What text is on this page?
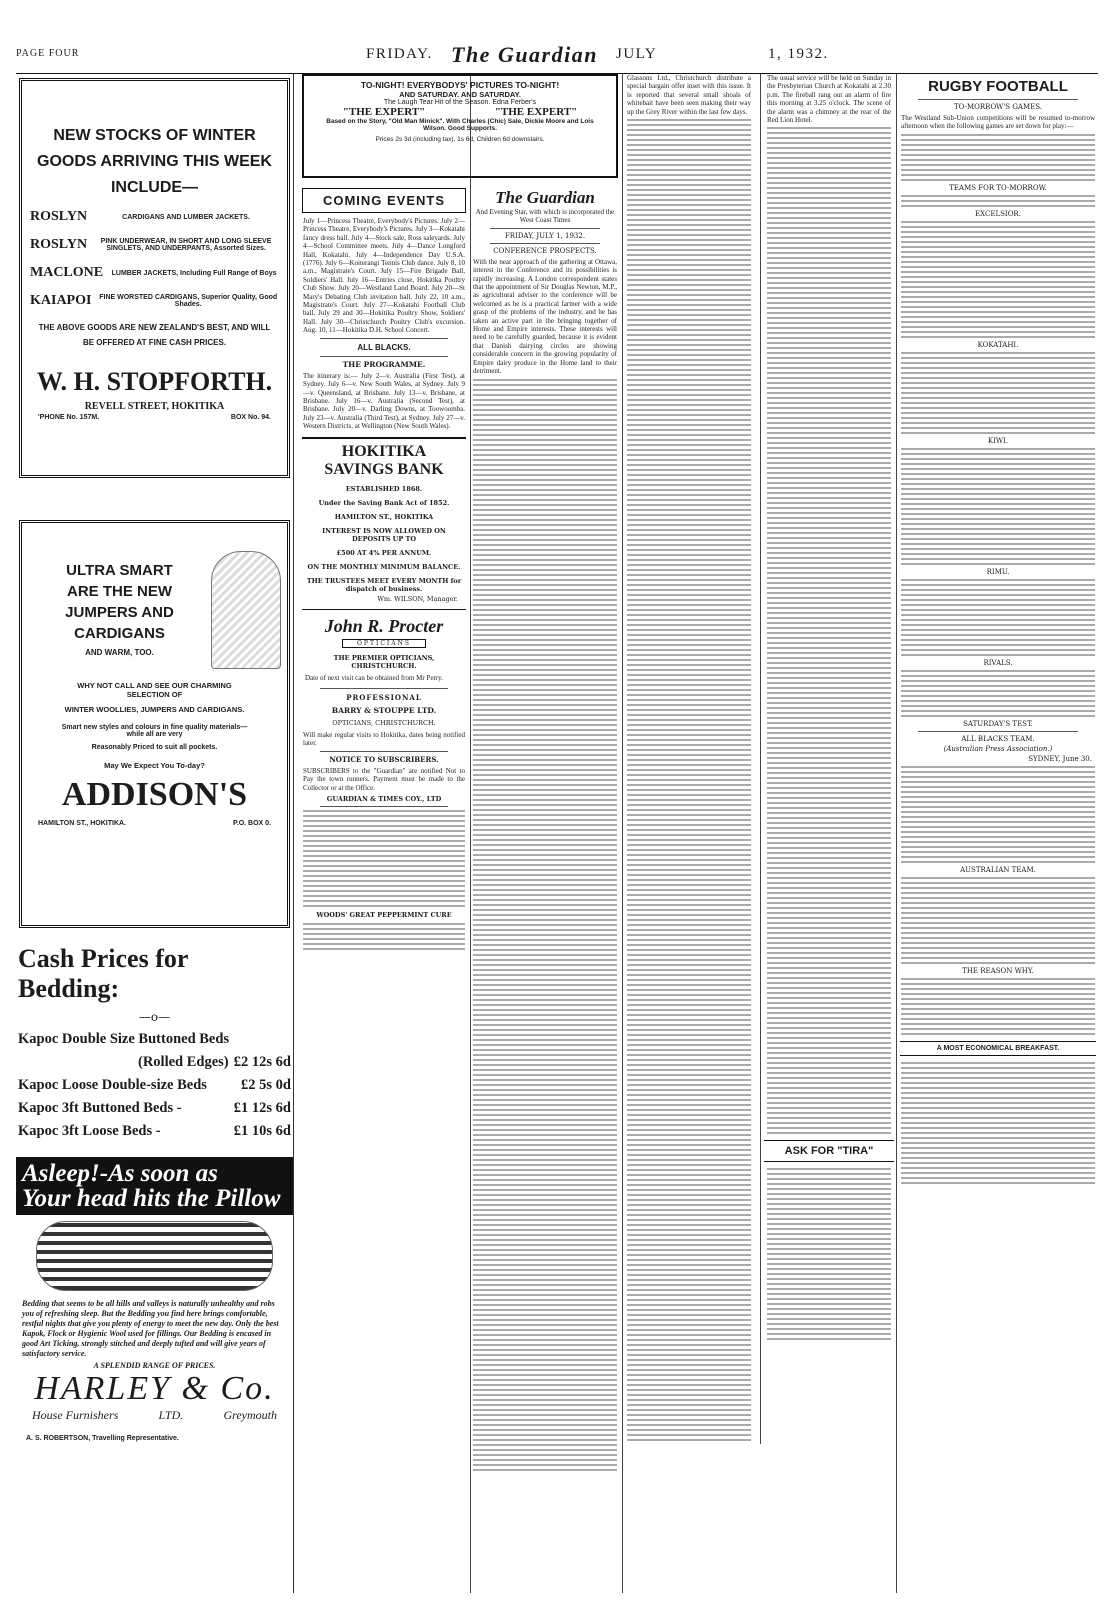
PAGE FOUR	FRIDAY. The Guardian JULY	1, 1932.
NEW STOCKS OF WINTER
GOODS ARRIVING THIS WEEK
INCLUDE—
ROSLYN	CARDIGANS AND LUMBER JACKETS.
ROSLYN	PINK UNDERWEAR, IN SHORT AND LONG SLEEVE SINGLETS, AND UNDERPANTS, Assorted Sizes.
MACLONE	LUMBER JACKETS, Including Full Range of Boys
KAIAPOI FINE WORSTED CARDIGANS, Superior Quality, Good Shades.
THE ABOVE GOODS ARE NEW ZEALAND'S BEST, AND WILL
BE OFFERED AT FINE CASH PRICES.
W. H. STOPFORTH.
REVELL STREET, HOKITIKA
'PHONE No. 157M.	BOX No. 94.
ULTRA SMART
ARE THE NEW
JUMPERS AND
CARDIGANS
AND WARM, TOO.
WHY NOT CALL AND SEE OUR CHARMING SELECTION OF
WINTER WOOLLIES, JUMPERS AND CARDIGANS.
Smart new styles and colours in fine quality materials—while all are very
Reasonably Priced to suit all pockets.
May We Expect You To-day?
ADDISON'S
HAMILTON ST., HOKITIKA.	P.O. BOX 0.
Cash Prices for Bedding:
—o—
Kapoc Double Size Buttoned Beds
(Rolled Edges) £2 12s 6d
Kapoc Loose Double-size Beds £2 5s 0d
Kapoc 3ft Buttoned Beds -	£1 12s 6d
Kapoc 3ft Loose Beds -	£1 10s 6d
Asleep!-As soon as
Your head hits the Pillow
Bedding that seems to be all hills and valleys is naturally unhealthy and robs you of refreshing sleep. But the Bedding you find here brings comfortable, restful nights that give you plenty of energy to meet the new day. Only the best Kapok, Flock or Hygienic Wool used for fillings. Our Bedding is encased in good Art Ticking, strongly stitched and deeply tufted and will give years of satisfactory service.
A SPLENDID RANGE OF PRICES.
HARLEY & Co.
House Furnishers	LTD.	Greymouth
A. S. ROBERTSON, Travelling Representative.
TO-NIGHT! EVERYBODYS' PICTURES TO-NIGHT!
AND SATURDAY. AND SATURDAY.
The Laugh Tear Hit of the Season. Edna Ferber's
"THE EXPERT"	"THE EXPERT"
Based on the Story, "Old Man Minick". With Charles (Chic) Sale, Dickie Moore and Lois Wilson. Good Supports.
Prices 2s 3d (including tax), 1s 6d, Children 6d downstairs.
COMING EVENTS
July 1—Princess Theatre, Everybody's Pictures. July 2—Princess Theatre, Everybody's Pictures. July 3—Kokatahi fancy dress ball. July 4—Stock sale, Ross saleyards. July 4—School Committee meets. July 4—Dance Longford Hall, Kokatahi. July 4—Independence Day U.S.A. (1776). July 6—Koiterangi Tennis Club dance. July 8, 10 a.m., Magistrate's Court. July 15—Fire Brigade Ball, Soldiers' Hall. July 16—Entries close, Hokitika Poultry Club Show. July 20—Westland Land Board. July 20—St Mary's Debating Club invitation ball. July 22, 10 a.m., Magistrate's Court. July 27—Kokatahi Football Club ball. July 29 and 30—Hokitika Poultry Show, Soldiers' Hall. July 30—Christchurch Poultry Club's excursion. Aug. 10, 11—Hokitika D.H. School Concert.
ALL BLACKS.
THE PROGRAMME.
The itinerary is:— July 2—v. Australia (First Test), at Sydney. July 6—v. New South Wales, at Sydney. July 9—v. Queensland, at Brisbane. July 13—v. Brisbane, at Brisbane. July 16—v. Australia (Second Test), at Brisbane. July 20—v. Darling Downs, at Toowoomba. July 23—v. Australia (Third Test), at Sydney. July 27—v. Western Districts, at Wellington (New South Wales).
HOKITIKA
SAVINGS BANK
ESTABLISHED 1868.
Under the Saving Bank Act of 1852.
HAMILTON ST., HOKITIKA
INTEREST IS NOW ALLOWED ON DEPOSITS UP TO
£500 AT 4% PER ANNUM.
ON THE MONTHLY MINIMUM BALANCE.
THE TRUSTEES MEET EVERY MONTH for dispatch of business.
Wm. WILSON, Manager.
John R. Procter
OPTICIANS
THE PREMIER OPTICIANS, CHRISTCHURCH.
Date of next visit can be obtained from Mr Perry.
PROFESSIONAL
BARRY & STOUPPE LTD.
OPTICIANS, CHRISTCHURCH.
Will make regular visits to Hokitika, dates being notified later.
NOTICE TO SUBSCRIBERS.
SUBSCRIBERS to the "Guardian" are notified Not to Pay the town runners. Payment must be made to the Collector or at the Office.
GUARDIAN & TIMES COY., LTD
WOODS' GREAT PEPPERMINT CURE
The Guardian
And Evening Star, with which is incorporated the West Coast Times
FRIDAY, JULY 1, 1932.
CONFERENCE PROSPECTS.
With the near approach of the gathering at Ottawa, interest in the Conference and its possibilities is rapidly increasing. A London correspondent states that the appointment of Sir Douglas Newton, M.P., as agricultural adviser to the conference will be welcomed as he is a practical farmer with a wide grasp of the problems of the industry, and he has taken an active part in the bringing together of Home and Empire interests. These interests will need to be carefully guarded, because it is evident that Danish dairying circles are showing considerable concern in the growing popularity of Empire dairy produce in the Home land to their detriment.
Glassons Ltd., Christchurch distribute a special bargain offer inset with this issue. It is reported that several small shoals of whitebait have been seen making their way up the Grey River within the last few days.
The usual service will be held on Sunday in the Presbyterian Church at Kokatahi at 2.30 p.m. The fireball rang out an alarm of fire this morning at 3.25 o'clock. The scene of the alarm was a chimney at the rear of the Red Lion Hotel.
ASK FOR "TIRA"
RUGBY FOOTBALL
TO-MORROW'S GAMES.
The Westland Sub-Union competitions will be resumed to-morrow afternoon when the following games are set down for play:—
TEAMS FOR TO-MORROW.
EXCELSIOR.
KOKATAHI.
KIWI.
RIMU.
RIVALS.
SATURDAY'S TEST.
ALL BLACKS TEAM.
(Australian Press Association.)
SYDNEY, June 30.
AUSTRALIAN TEAM.
THE REASON WHY.
A MOST ECONOMICAL BREAKFAST.
